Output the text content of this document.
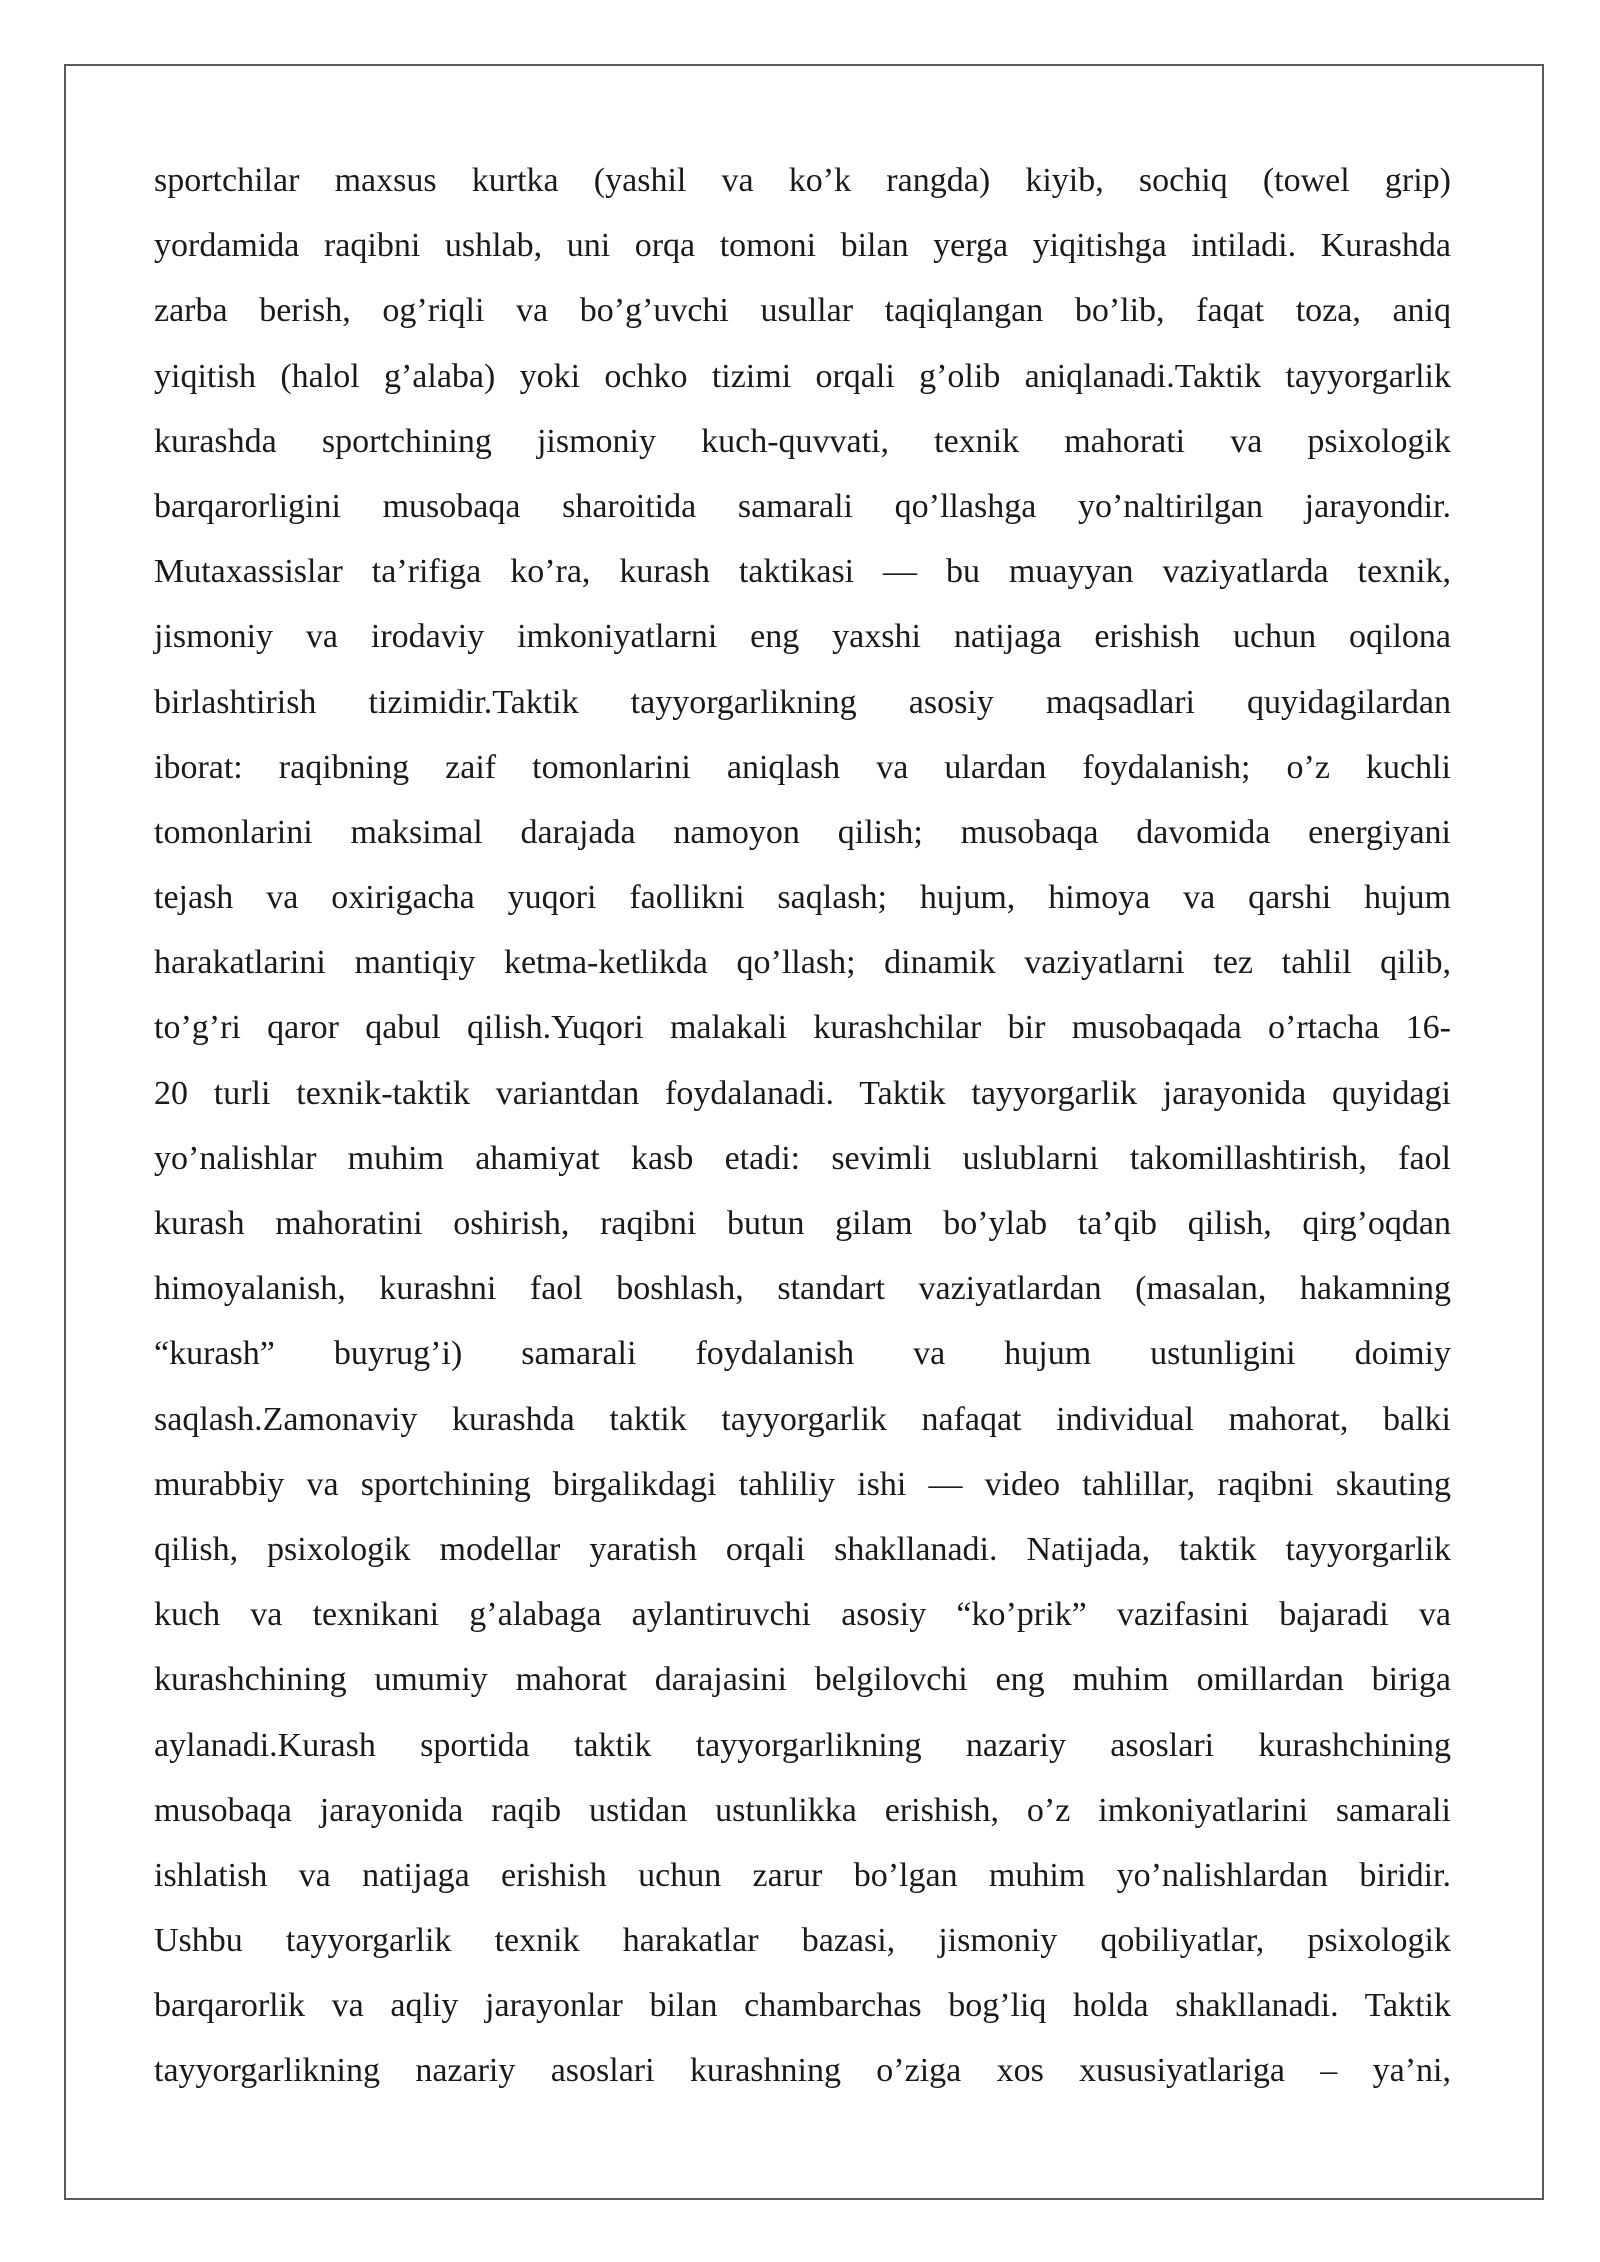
sportchilar maxsus kurtka (yashil va ko’k rangda) kiyib, sochiq (towel grip)
yordamida raqibni ushlab, uni orqa tomoni bilan yerga yiqitishga intiladi. Kurashda
zarba berish, og’riqli va bo’g’uvchi usullar taqiqlangan bo’lib, faqat toza, aniq
yiqitish (halol g’alaba) yoki ochko tizimi orqali g’olib aniqlanadi.Taktik tayyorgarlik
kurashda sportchining jismoniy kuch-quvvati, texnik mahorati va psixologik
barqarorligini musobaqa sharoitida samarali qo’llashga yo’naltirilgan jarayondir.
Mutaxassislar ta’rifiga ko’ra, kurash taktikasi — bu muayyan vaziyatlarda texnik,
jismoniy va irodaviy imkoniyatlarni eng yaxshi natijaga erishish uchun oqilona
birlashtirish tizimidir.Taktik tayyorgarlikning asosiy maqsadlari quyidagilardan
iborat: raqibning zaif tomonlarini aniqlash va ulardan foydalanish; o’z kuchli
tomonlarini maksimal darajada namoyon qilish; musobaqa davomida energiyani
tejash va oxirigacha yuqori faollikni saqlash; hujum, himoya va qarshi hujum
harakatlarini mantiqiy ketma-ketlikda qo’llash; dinamik vaziyatlarni tez tahlil qilib,
to’g’ri qaror qabul qilish.Yuqori malakali kurashchilar bir musobaqada o’rtacha 16-
20 turli texnik-taktik variantdan foydalanadi. Taktik tayyorgarlik jarayonida quyidagi
yo’nalishlar muhim ahamiyat kasb etadi: sevimli uslublarni takomillashtirish, faol
kurash mahoratini oshirish, raqibni butun gilam bo’ylab ta’qib qilish, qirg’oqdan
himoyalanish, kurashni faol boshlash, standart vaziyatlardan (masalan, hakamning
“kurash” buyrug’i) samarali foydalanish va hujum ustunligini doimiy
saqlash.Zamonaviy kurashda taktik tayyorgarlik nafaqat individual mahorat, balki
murabbiy va sportchining birgalikdagi tahliliy ishi — video tahlillar, raqibni skauting
qilish, psixologik modellar yaratish orqali shakllanadi. Natijada, taktik tayyorgarlik
kuch va texnikani g’alabaga aylantiruvchi asosiy “ko’prik” vazifasini bajaradi va
kurashchining umumiy mahorat darajasini belgilovchi eng muhim omillardan biriga
aylanadi.Kurash sportida taktik tayyorgarlikning nazariy asoslari kurashchining
musobaqa jarayonida raqib ustidan ustunlikka erishish, o’z imkoniyatlarini samarali
ishlatish va natijaga erishish uchun zarur bo’lgan muhim yo’nalishlardan biridir.
Ushbu tayyorgarlik texnik harakatlar bazasi, jismoniy qobiliyatlar, psixologik
barqarorlik va aqliy jarayonlar bilan chambarchas bog’liq holda shakllanadi. Taktik
tayyorgarlikning nazariy asoslari kurashning o’ziga xos xususiyatlariga – ya’ni,
